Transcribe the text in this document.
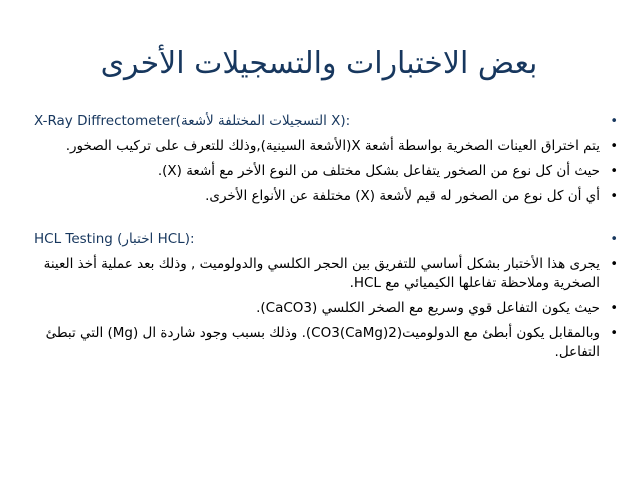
بعض الاختبارات والتسجيلات الأخرى
• X-Ray Diffrectometer(التسجيلات المختلفة لأشعة X):
• يتم اختراق العينات الصخرية بواسطة أشعة X(الأشعة السينية),وذلك للتعرف على تركيب الصخور.
• حيث أن كل نوع من الصخور يتفاعل بشكل مختلف من النوع الأخر مع أشعة (X).
• أي أن كل نوع من الصخور له قيم لأشعة (X) مختلفة عن الأنواع الأخرى.
• HCL Testing (اختبار HCL):
• يجرى هذا الأختبار بشكل أساسي للتفريق بين الحجر الكلسي والدولوميت , وذلك بعد عملية أخذ العينة الصخرية وملاحظة تفاعلها الكيميائي مع HCL.
• حيث يكون التفاعل قوي وسريع مع الصخر الكلسي (CaCO3).
• وبالمقابل يكون أبطئ مع الدولوميت(CO3(CaMg)2). وذلك بسبب وجود شاردة ال (Mg) التي تبطئ التفاعل.
